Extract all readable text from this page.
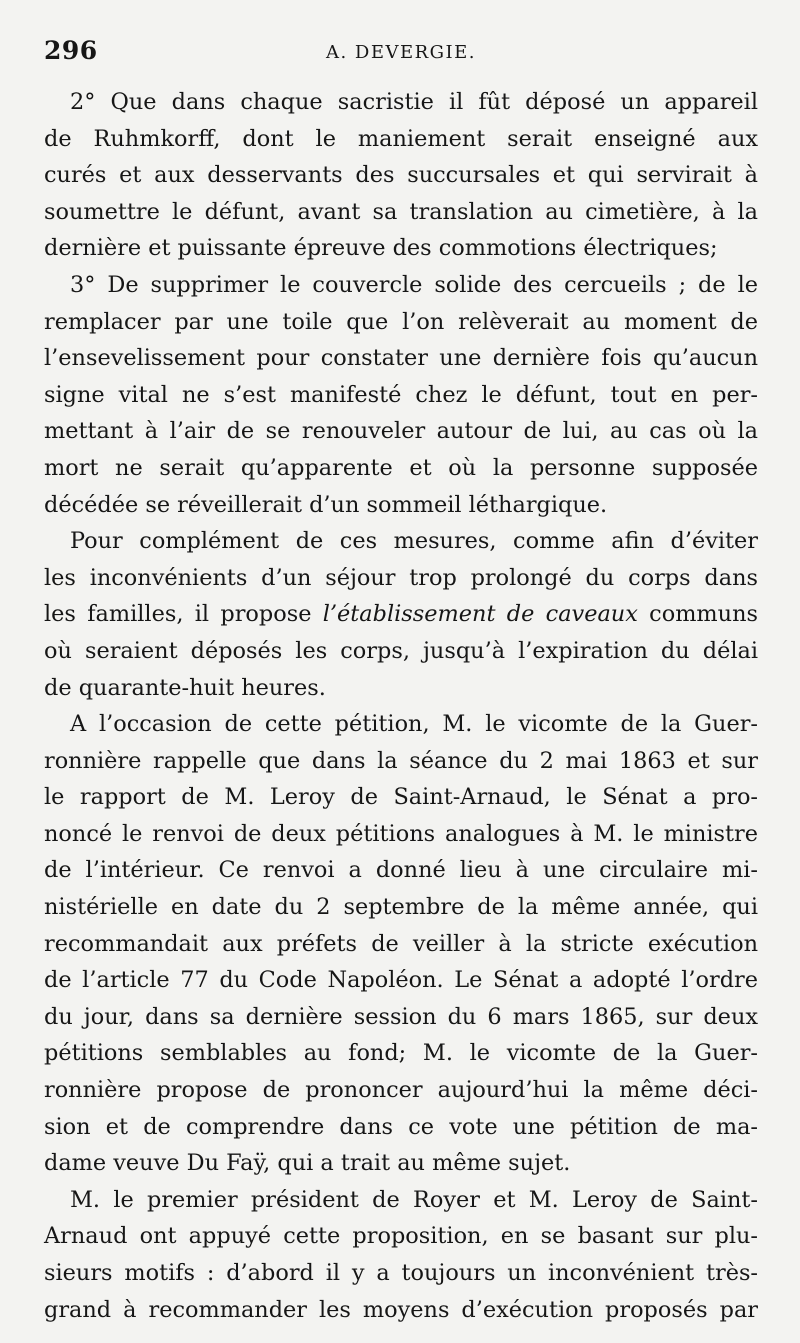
296	A. DEVERGIE.

2° Que dans chaque sacristie il fût déposé un appareil
de Ruhmkorff, dont le maniement serait enseigné aux
curés et aux desservants des succursales et qui servirait à
soumettre le défunt, avant sa translation au cimetière, à la
dernière et puissante épreuve des commotions électriques;

3° De supprimer le couvercle solide des cercueils ; de le
remplacer par une toile que l’on relèverait au moment de
l’ensevelissement pour constater une dernière fois qu’aucun
signe vital ne s’est manifesté chez le défunt, tout en per-
mettant à l’air de se renouveler autour de lui, au cas où la
mort ne serait qu’apparente et où la personne supposée
décédée se réveillerait d’un sommeil léthargique.

Pour complément de ces mesures, comme afin d’éviter
les inconvénients d’un séjour trop prolongé du corps dans
les familles, il propose l’établissement de caveaux communs
où seraient déposés les corps, jusqu’à l’expiration du délai
de quarante-huit heures.

A l’occasion de cette pétition, M. le vicomte de la Guer-
ronnière rappelle que dans la séance du 2 mai 1863 et sur
le rapport de M. Leroy de Saint-Arnaud, le Sénat a pro-
noncé le renvoi de deux pétitions analogues à M. le ministre
de l’intérieur. Ce renvoi a donné lieu à une circulaire mi-
nistérielle en date du 2 septembre de la même année, qui
recommandait aux préfets de veiller à la stricte exécution
de l’article 77 du Code Napoléon. Le Sénat a adopté l’ordre
du jour, dans sa dernière session du 6 mars 1865, sur deux
pétitions semblables au fond; M. le vicomte de la Guer-
ronnière propose de prononcer aujourd’hui la même déci-
sion et de comprendre dans ce vote une pétition de ma-
dame veuve Du Faÿ, qui a trait au même sujet.

M. le premier président de Royer et M. Leroy de Saint-
Arnaud ont appuyé cette proposition, en se basant sur plu-
sieurs motifs : d’abord il y a toujours un inconvénient très-
grand à recommander les moyens d’exécution proposés par
